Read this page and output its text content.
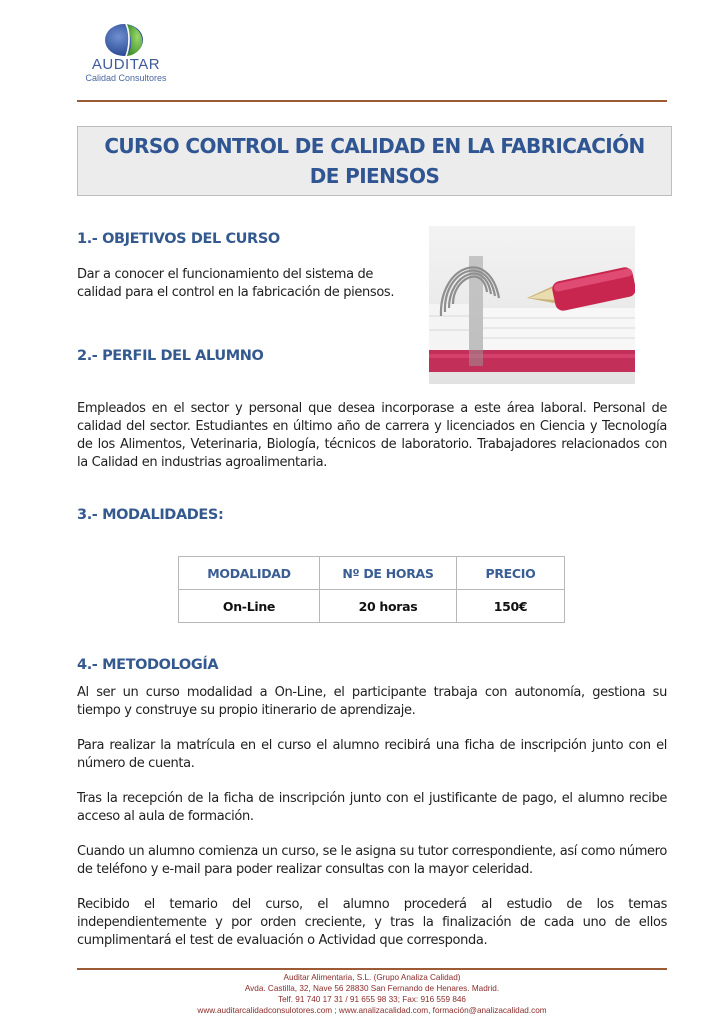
AUDITAR
Calidad Consultores
CURSO CONTROL DE CALIDAD EN LA FABRICACIÓN DE PIENSOS
1.- OBJETIVOS DEL CURSO

Dar a conocer el funcionamiento del sistema de calidad para el control en la fabricación de piensos.

2.- PERFIL DEL ALUMNO

Empleados en el sector y personal que desea incorporase a este área laboral. Personal de calidad del sector. Estudiantes en último año de carrera y licenciados en Ciencia y Tecnología de los Alimentos, Veterinaria, Biología, técnicos de laboratorio. Trabajadores relacionados con la Calidad en industrias agroalimentaria.

3.- MODALIDADES:
MODALIDAD	Nº DE HORAS	PRECIO
On-Line	20 horas	150€
4.- METODOLOGÍA

Al ser un curso modalidad a On-Line, el participante trabaja con autonomía, gestiona su tiempo y construye su propio itinerario de aprendizaje.

Para realizar la matrícula en el curso el alumno recibirá una ficha de inscripción junto con el número de cuenta.

Tras la recepción de la ficha de inscripción junto con el justificante de pago, el alumno recibe acceso al aula de formación.

Cuando un alumno comienza un curso, se le asigna su tutor correspondiente, así como número de teléfono y e-mail para poder realizar consultas con la mayor celeridad.

Recibido el temario del curso, el alumno procederá al estudio de los temas independientemente y por orden creciente, y tras la finalización de cada uno de ellos cumplimentará el test de evaluación o Actividad que corresponda.

Auditar Alimentaria, S.L. (Grupo Analiza Calidad)
Avda. Castilla, 32, Nave 56 28830 San Fernando de Henares. Madrid.
Telf. 91 740 17 31 / 91 655 98 33; Fax: 916 559 846
www.auditarcalidadconsulotores.com ; www.analizacalidad.com, formación@analizacalidad.com
